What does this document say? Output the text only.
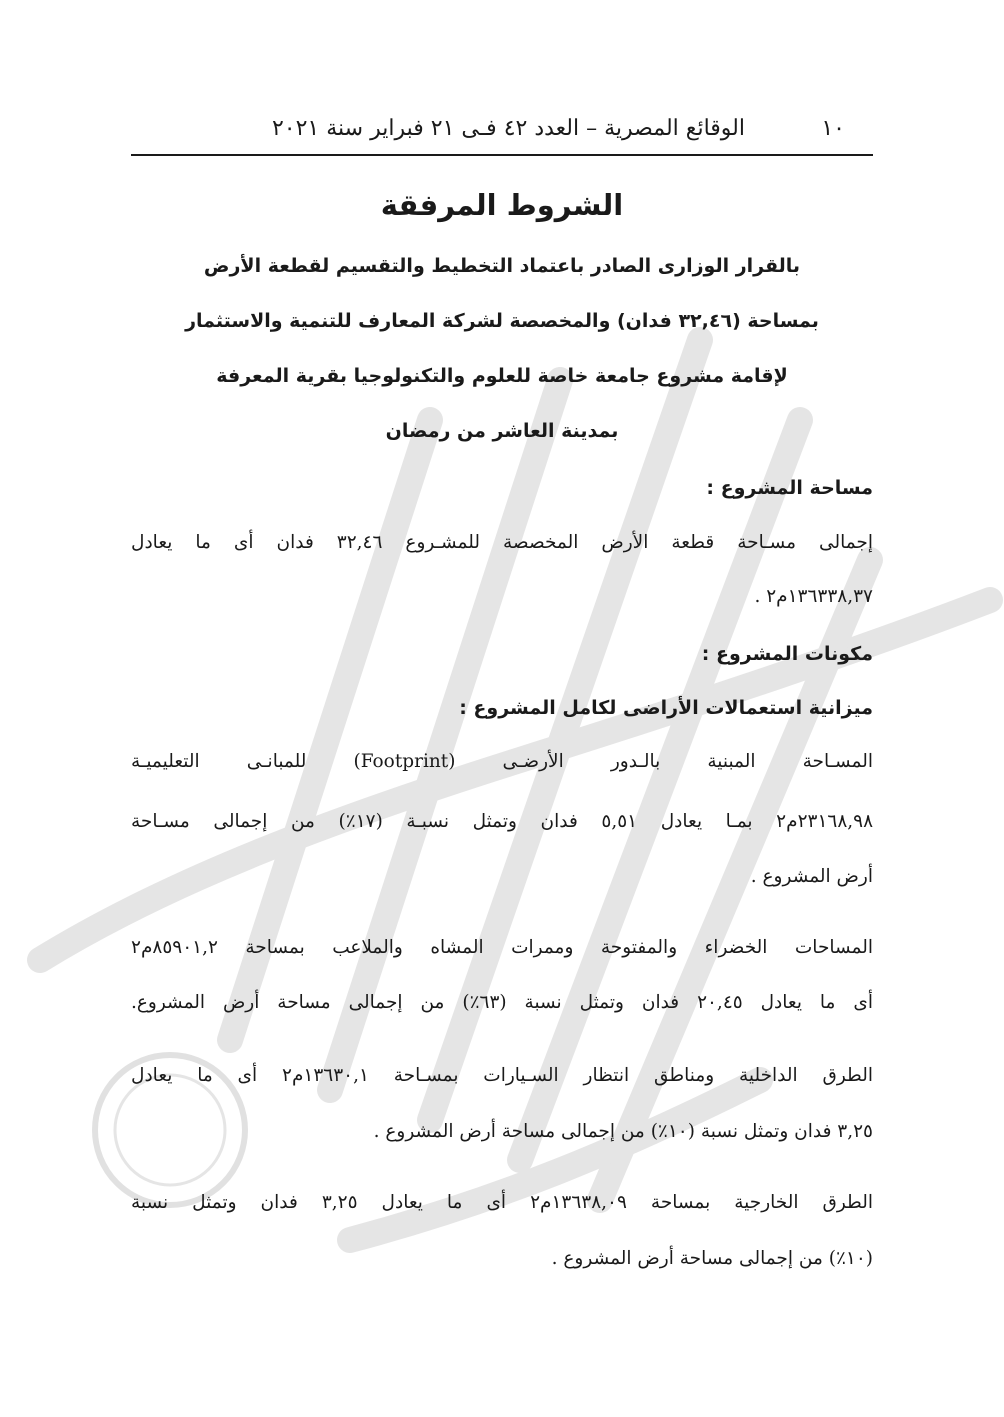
١٠
الوقائع المصرية – العدد ٤٢ فـى ٢١ فبراير سنة ٢٠٢١
الشروط المرفقة
بالقرار الوزارى الصادر باعتماد التخطيط والتقسيم لقطعة الأرض
بمساحة (٣٢,٤٦ فدان) والمخصصة لشركة المعارف للتنمية والاستثمار
لإقامة مشروع جامعة خاصة للعلوم والتكنولوجيا بقرية المعرفة
بمدينة العاشر من رمضان
مساحة المشروع :
إجمالى مسـاحة قطعة الأرض المخصصة للمشـروع ٣٢,٤٦ فدان أى ما يعادل
١٣٦٣٣٨,٣٧م٢ .
مكونات المشروع :
ميزانية استعمالات الأراضى لكامل المشروع :
المسـاحة المبنية بالـدور الأرضـى (Footprint) للمبانـى التعليميـة
٢٣١٦٨,٩٨م٢ بمـا يعادل ٥,٥١ فدان وتمثل نسبـة (١٧٪) من إجمالى مسـاحة
أرض المشروع .
المساحات الخضراء والمفتوحة وممرات المشاه والملاعب بمساحة ٨٥٩٠١,٢م٢
أى ما يعادل ٢٠,٤٥ فدان وتمثل نسبة (٦٣٪) من إجمالى مساحة أرض المشروع.
الطرق الداخلية ومناطق انتظار السـيارات بمسـاحة ١٣٦٣٠,١م٢ أى ما يعادل
٣,٢٥ فدان وتمثل نسبة (١٠٪) من إجمالى مساحة أرض المشروع .
الطرق الخارجية بمساحة ١٣٦٣٨,٠٩م٢ أى ما يعادل ٣,٢٥ فدان وتمثل نسبة
(١٠٪) من إجمالى مساحة أرض المشروع .
